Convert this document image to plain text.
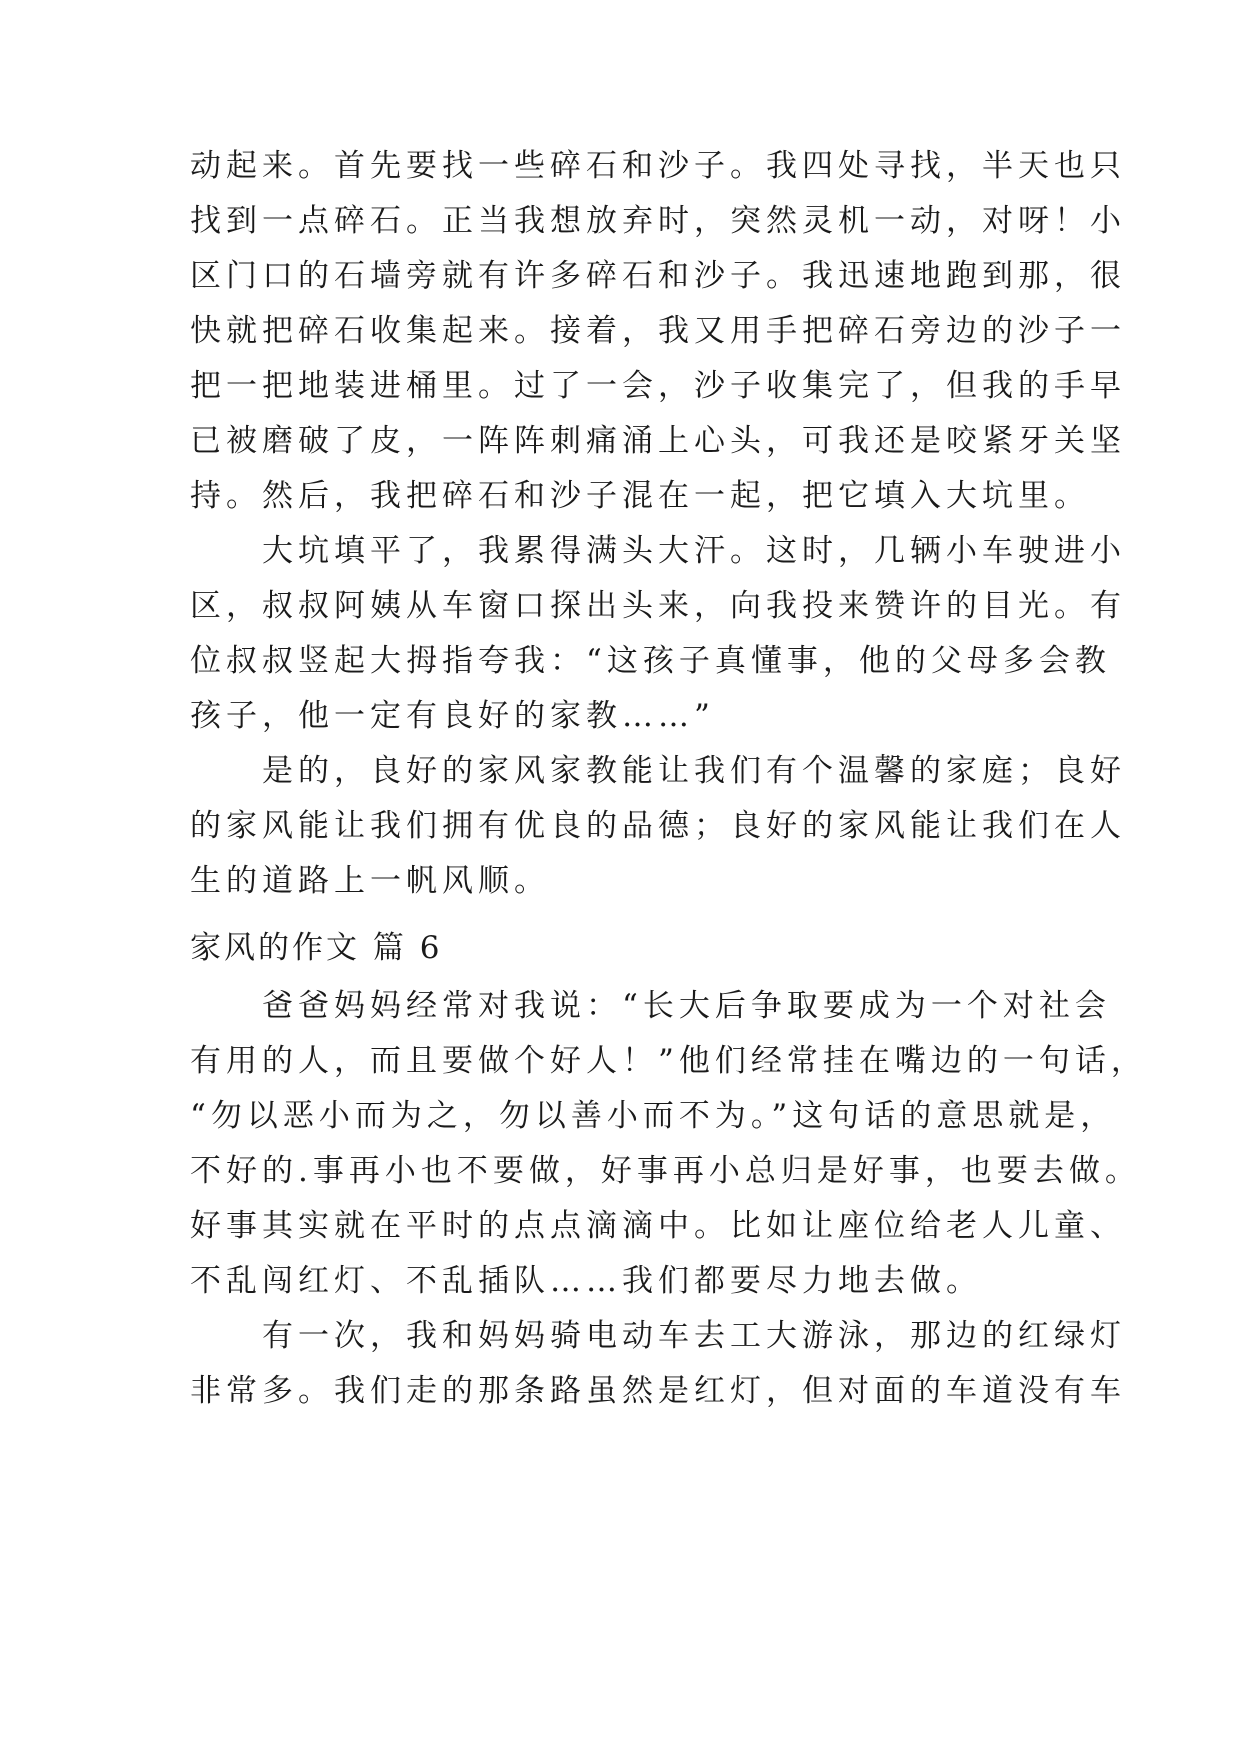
动起来。首先要找一些碎石和沙子。我四处寻找，半天也只
找到一点碎石。正当我想放弃时，突然灵机一动，对呀！小
区门口的石墙旁就有许多碎石和沙子。我迅速地跑到那，很
快就把碎石收集起来。接着，我又用手把碎石旁边的沙子一
把一把地装进桶里。过了一会，沙子收集完了，但我的手早
已被磨破了皮，一阵阵刺痛涌上心头，可我还是咬紧牙关坚
持。然后，我把碎石和沙子混在一起，把它填入大坑里。
　　大坑填平了，我累得满头大汗。这时，几辆小车驶进小
区，叔叔阿姨从车窗口探出头来，向我投来赞许的目光。有
位叔叔竖起大拇指夸我：“这孩子真懂事，他的父母多会教
孩子，他一定有良好的家教……”
　　是的，良好的家风家教能让我们有个温馨的家庭；良好
的家风能让我们拥有优良的品德；良好的家风能让我们在人
生的道路上一帆风顺。
家风的作文 篇 6
　　爸爸妈妈经常对我说：“长大后争取要成为一个对社会
有用的人，而且要做个好人！”他们经常挂在嘴边的一句话，
“勿以恶小而为之，勿以善小而不为。”这句话的意思就是，
不好的.事再小也不要做，好事再小总归是好事，也要去做。
好事其实就在平时的点点滴滴中。比如让座位给老人儿童、
不乱闯红灯、不乱插队……我们都要尽力地去做。
　　有一次，我和妈妈骑电动车去工大游泳，那边的红绿灯
非常多。我们走的那条路虽然是红灯，但对面的车道没有车
